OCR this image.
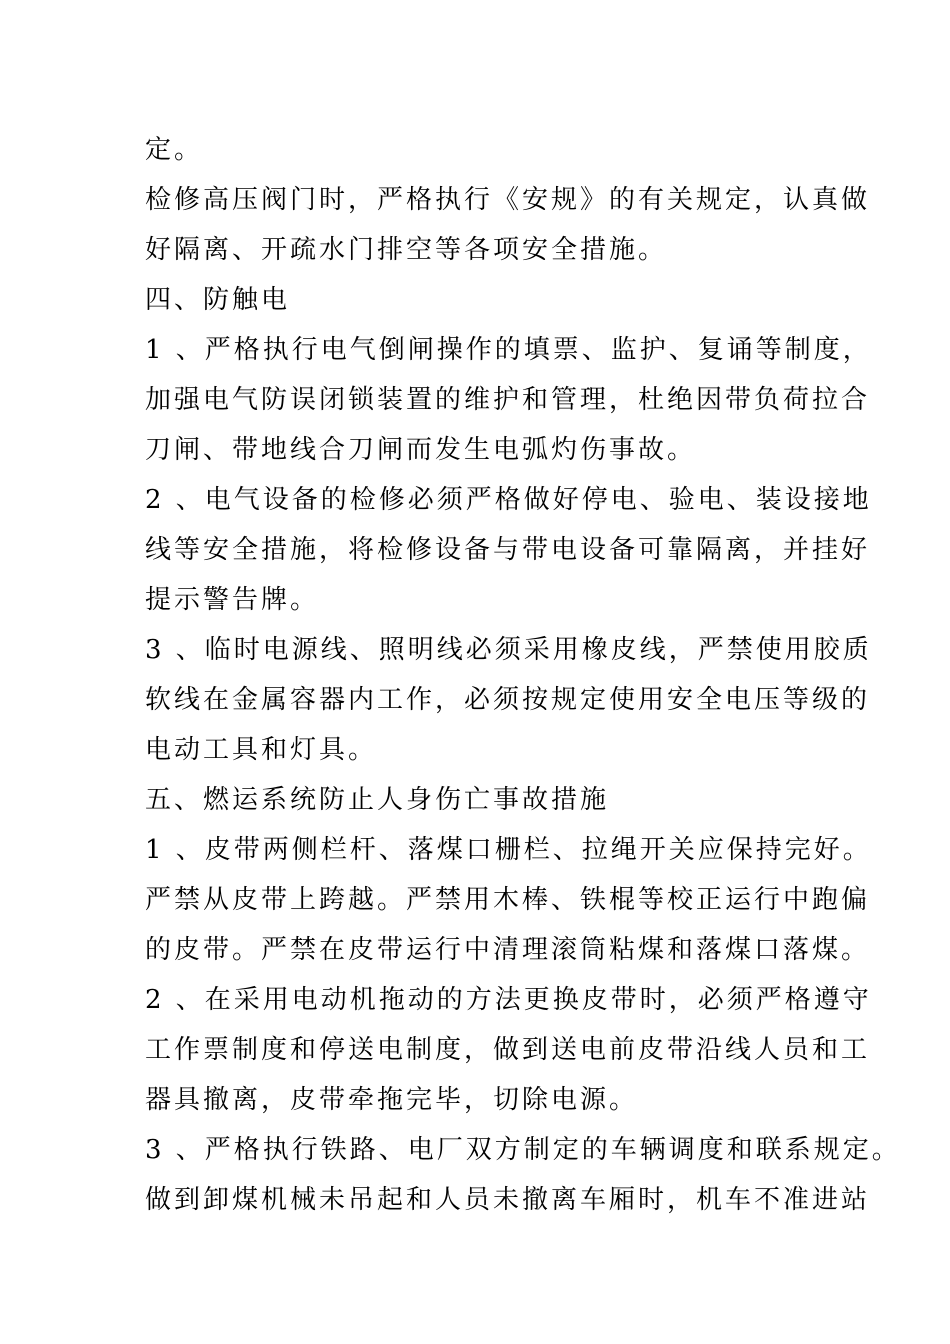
定。
检修高压阀门时，严格执行《安规》的有关规定，认真做
好隔离、开疏水门排空等各项安全措施。
四、防触电
1 、严格执行电气倒闸操作的填票、监护、复诵等制度，
加强电气防误闭锁装置的维护和管理，杜绝因带负荷拉合
刀闸、带地线合刀闸而发生电弧灼伤事故。
2 、电气设备的检修必须严格做好停电、验电、装设接地
线等安全措施，将检修设备与带电设备可靠隔离，并挂好
提示警告牌。
3 、临时电源线、照明线必须采用橡皮线，严禁使用胶质
软线在金属容器内工作，必须按规定使用安全电压等级的
电动工具和灯具。
五、燃运系统防止人身伤亡事故措施
1 、皮带两侧栏杆、落煤口栅栏、拉绳开关应保持完好。
严禁从皮带上跨越。严禁用木棒、铁棍等校正运行中跑偏
的皮带。严禁在皮带运行中清理滚筒粘煤和落煤口落煤。
2 、在采用电动机拖动的方法更换皮带时，必须严格遵守
工作票制度和停送电制度，做到送电前皮带沿线人员和工
器具撤离，皮带牵拖完毕，切除电源。
3 、严格执行铁路、电厂双方制定的车辆调度和联系规定。
做到卸煤机械未吊起和人员未撤离车厢时，机车不准进站
